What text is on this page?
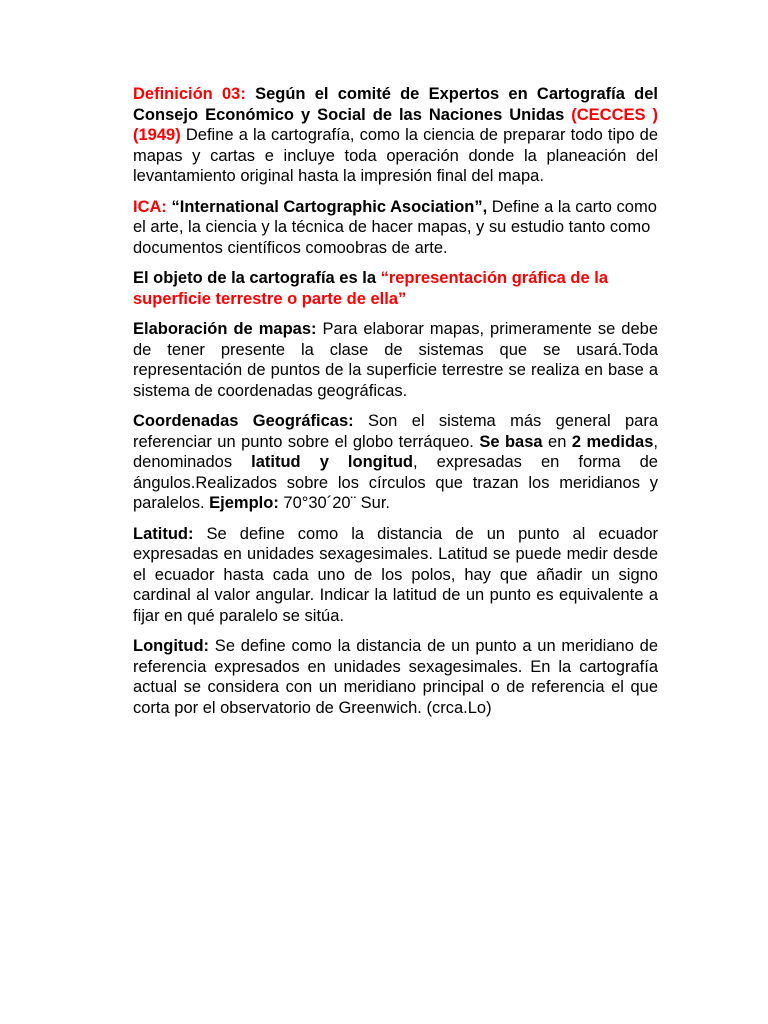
Definición 03: Según el comité de Expertos en Cartografía del Consejo Económico y Social de las Naciones Unidas (CECCES )(1949) Define a la cartografía, como la ciencia de preparar todo tipo de mapas y cartas e incluye toda operación donde la planeación del levantamiento original hasta la impresión final del mapa.

ICA: “International Cartographic Asociation”, Define a la carto como el arte, la ciencia y la técnica de hacer mapas, y su estudio tanto como documentos científicos comoobras de arte.

El objeto de la cartografía es la “representación gráfica de la superficie terrestre o parte de ella”

Elaboración de mapas: Para elaborar mapas, primeramente se debe de tener presente la clase de sistemas que se usará.Toda representación de puntos de la superficie terrestre se realiza en base a sistema de coordenadas geográficas.

Coordenadas Geográficas: Son el sistema más general para referenciar un punto sobre el globo terráqueo. Se basa en 2 medidas, denominados latitud y longitud, expresadas en forma de ángulos.Realizados sobre los círculos que trazan los meridianos y paralelos. Ejemplo: 70°30´20¨ Sur.

Latitud: Se define como la distancia de un punto al ecuador expresadas en unidades sexagesimales. Latitud se puede medir desde el ecuador hasta cada uno de los polos, hay que añadir un signo cardinal al valor angular. Indicar la latitud de un punto es equivalente a fijar en qué paralelo se sitúa.

Longitud: Se define como la distancia de un punto a un meridiano de referencia expresados en unidades sexagesimales. En la cartografía actual se considera con un meridiano principal o de referencia el que corta por el observatorio de Greenwich. (crca.Lo)
